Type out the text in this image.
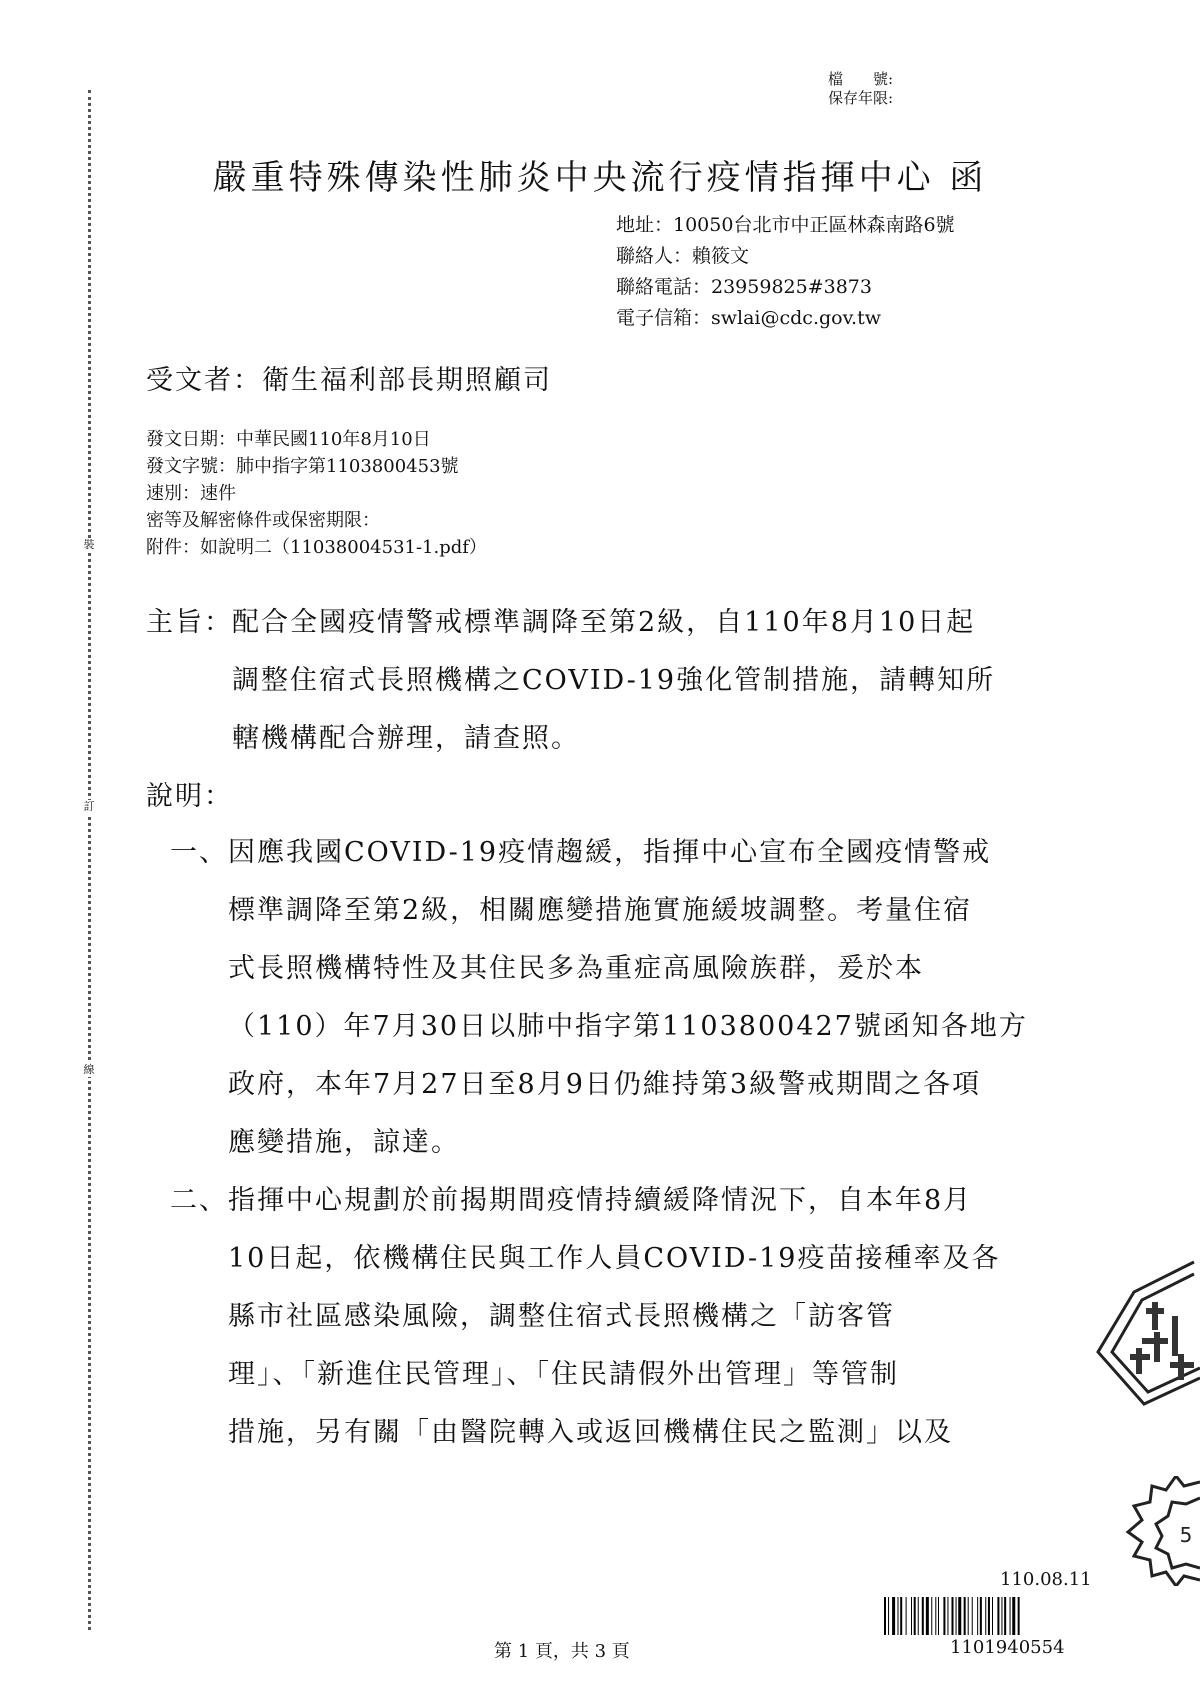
裝
訂
線
檔　　號:
保存年限:
嚴重特殊傳染性肺炎中央流行疫情指揮中心 函
地址：10050台北市中正區林森南路6號
聯絡人：賴筱文
聯絡電話：23959825#3873
電子信箱：swlai@cdc.gov.tw
受文者：衛生福利部長期照顧司
發文日期：中華民國110年8月10日
發文字號：肺中指字第1103800453號
速別：速件
密等及解密條件或保密期限：
附件：如說明二（11038004531-1.pdf）
主旨： 配合全國疫情警戒標準調降至第2級，自110年8月10日起
調整住宿式長照機構之COVID-19強化管制措施，請轉知所
轄機構配合辦理，請查照。
說明：
一、 因應我國COVID-19疫情趨緩，指揮中心宣布全國疫情警戒
標準調降至第2級，相關應變措施實施緩坡調整。考量住宿
式長照機構特性及其住民多為重症高風險族群，爰於本
（110）年7月30日以肺中指字第1103800427號函知各地方
政府，本年7月27日至8月9日仍維持第3級警戒期間之各項
應變措施，諒達。
二、 指揮中心規劃於前揭期間疫情持續緩降情況下，自本年8月
10日起，依機構住民與工作人員COVID-19疫苗接種率及各
縣市社區感染風險，調整住宿式長照機構之「訪客管
理」、「新進住民管理」、「住民請假外出管理」等管制
措施，另有關「由醫院轉入或返回機構住民之監測」以及
5
第 1 頁，共 3 頁
110.08.11
1101940554
